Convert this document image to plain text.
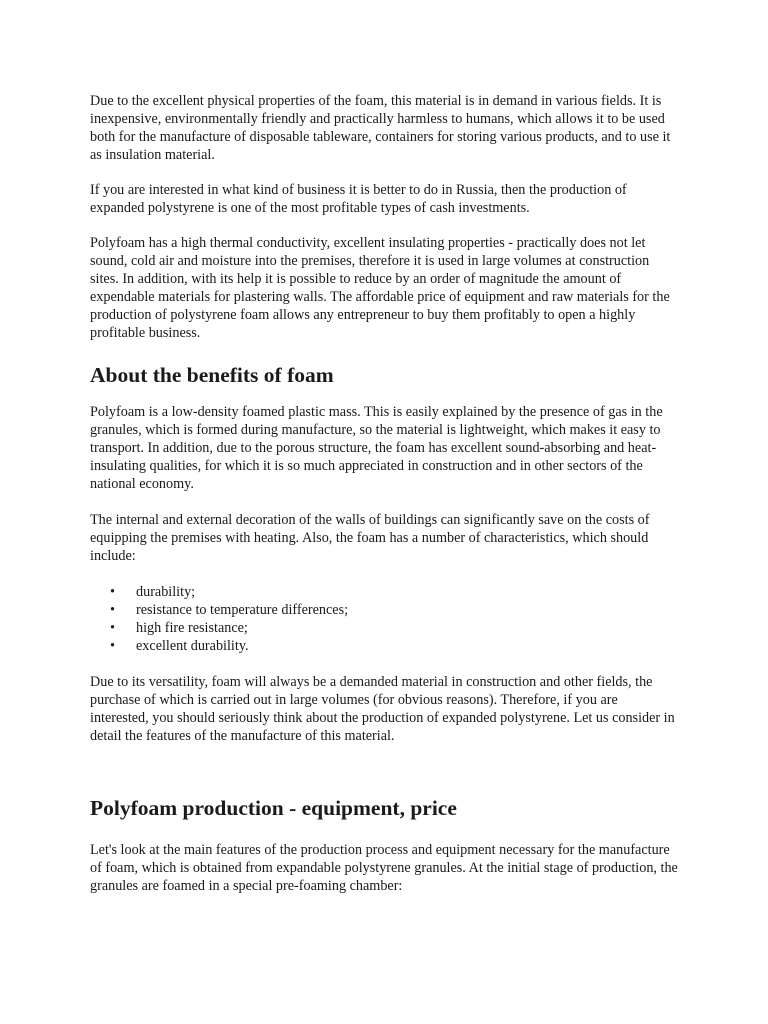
Due to the excellent physical properties of the foam, this material is in demand in various fields. It is inexpensive, environmentally friendly and practically harmless to humans, which allows it to be used both for the manufacture of disposable tableware, containers for storing various products, and to use it as insulation material.

If you are interested in what kind of business it is better to do in Russia, then the production of expanded polystyrene is one of the most profitable types of cash investments.

Polyfoam has a high thermal conductivity, excellent insulating properties - practically does not let sound, cold air and moisture into the premises, therefore it is used in large volumes at construction sites. In addition, with its help it is possible to reduce by an order of magnitude the amount of expendable materials for plastering walls. The affordable price of equipment and raw materials for the production of polystyrene foam allows any entrepreneur to buy them profitably to open a highly profitable business.

About the benefits of foam

Polyfoam is a low-density foamed plastic mass. This is easily explained by the presence of gas in the granules, which is formed during manufacture, so the material is lightweight, which makes it easy to transport. In addition, due to the porous structure, the foam has excellent sound-absorbing and heat-insulating qualities, for which it is so much appreciated in construction and in other sectors of the national economy.

The internal and external decoration of the walls of buildings can significantly save on the costs of equipping the premises with heating. Also, the foam has a number of characteristics, which should include:

• durability;
• resistance to temperature differences;
• high fire resistance;
• excellent durability.

Due to its versatility, foam will always be a demanded material in construction and other fields, the purchase of which is carried out in large volumes (for obvious reasons). Therefore, if you are interested, you should seriously think about the production of expanded polystyrene. Let us consider in detail the features of the manufacture of this material.

Polyfoam production - equipment, price

Let's look at the main features of the production process and equipment necessary for the manufacture of foam, which is obtained from expandable polystyrene granules. At the initial stage of production, the granules are foamed in a special pre-foaming chamber:
